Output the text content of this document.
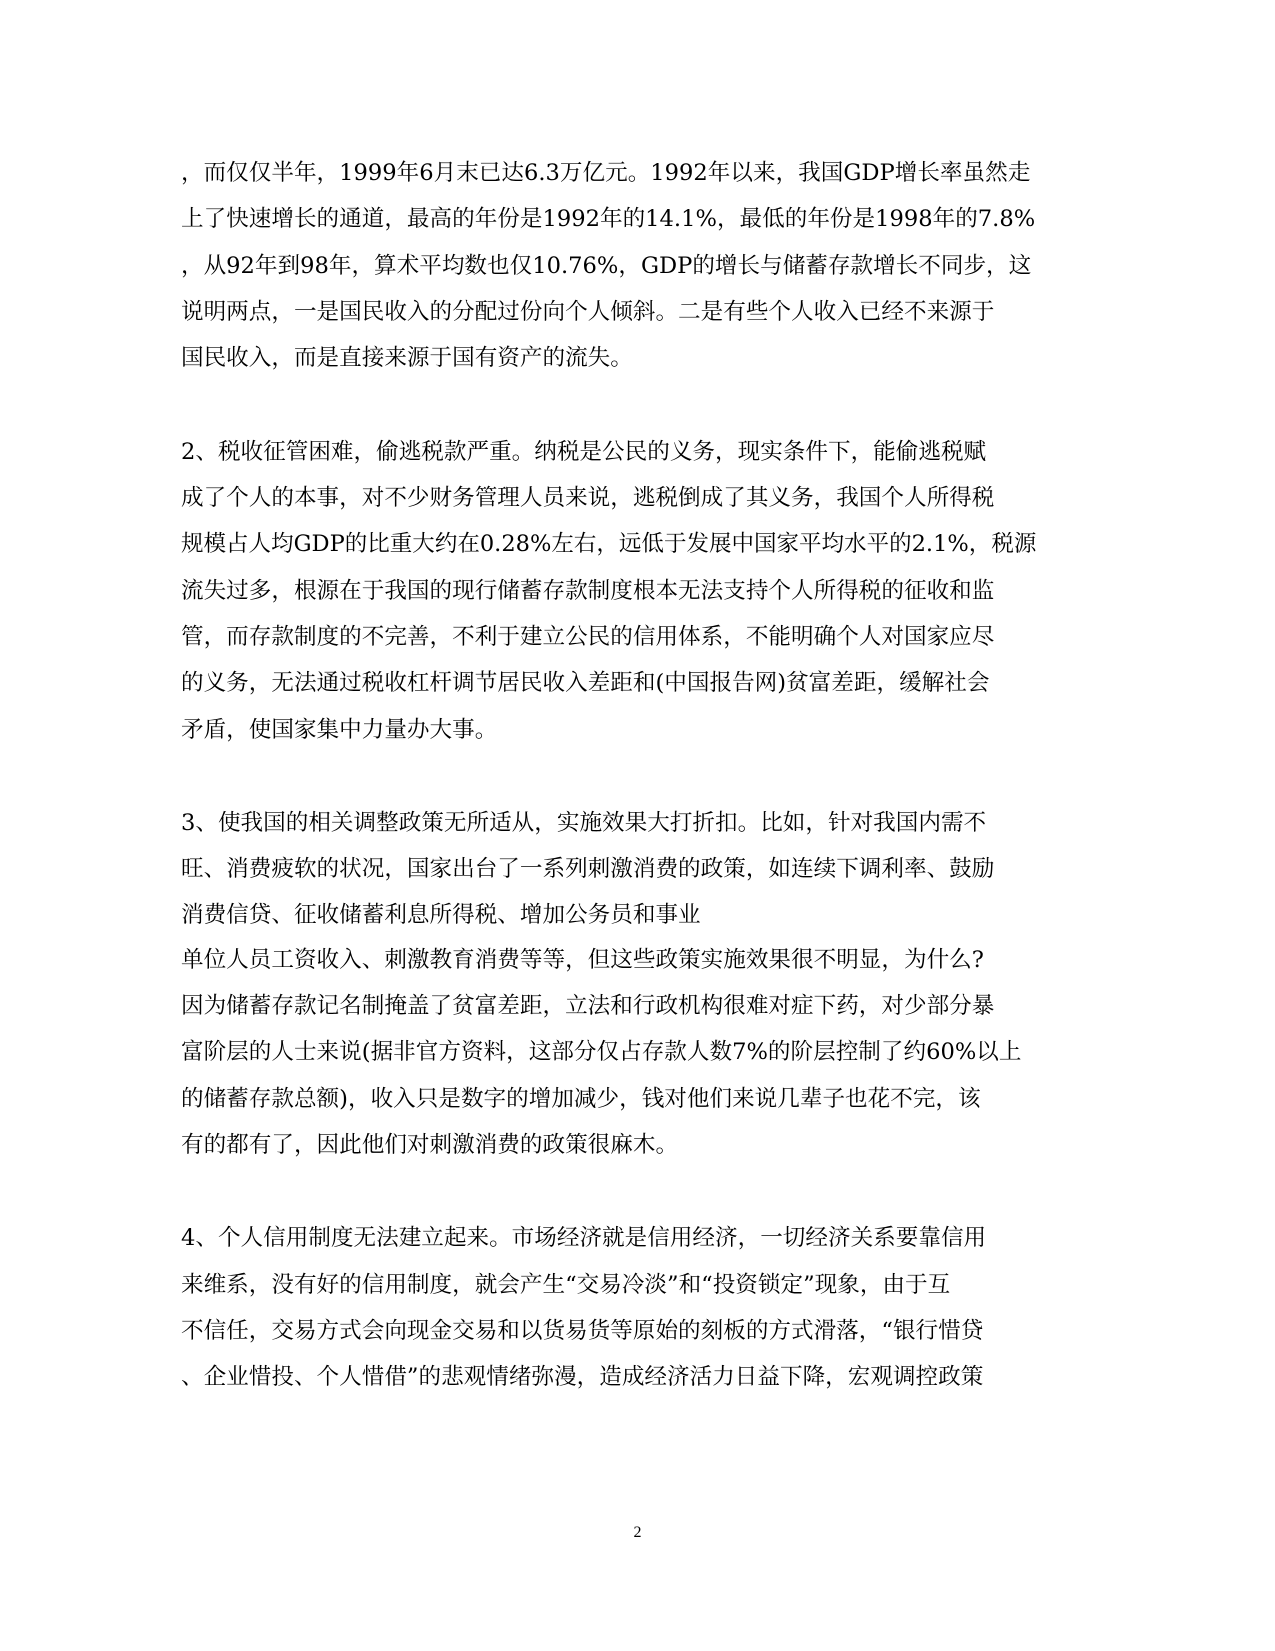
，而仅仅半年，1999年6月末已达6.3万亿元。1992年以来，我国GDP增长率虽然走
上了快速增长的通道，最高的年份是1992年的14.1%，最低的年份是1998年的7.8%
，从92年到98年，算术平均数也仅10.76%，GDP的增长与储蓄存款增长不同步，这
说明两点，一是国民收入的分配过份向个人倾斜。二是有些个人收入已经不来源于
国民收入，而是直接来源于国有资产的流失。
2、税收征管困难，偷逃税款严重。纳税是公民的义务，现实条件下，能偷逃税赋
成了个人的本事，对不少财务管理人员来说，逃税倒成了其义务，我国个人所得税
规模占人均GDP的比重大约在0.28%左右，远低于发展中国家平均水平的2.1%，税源
流失过多，根源在于我国的现行储蓄存款制度根本无法支持个人所得税的征收和监
管，而存款制度的不完善，不利于建立公民的信用体系，不能明确个人对国家应尽
的义务，无法通过税收杠杆调节居民收入差距和(中国报告网)贫富差距，缓解社会
矛盾，使国家集中力量办大事。
3、使我国的相关调整政策无所适从，实施效果大打折扣。比如，针对我国内需不
旺、消费疲软的状况，国家出台了一系列刺激消费的政策，如连续下调利率、鼓励
消费信贷、征收储蓄利息所得税、增加公务员和事业
单位人员工资收入、刺激教育消费等等，但这些政策实施效果很不明显，为什么?
因为储蓄存款记名制掩盖了贫富差距，立法和行政机构很难对症下药，对少部分暴
富阶层的人士来说(据非官方资料，这部分仅占存款人数7%的阶层控制了约60%以上
的储蓄存款总额)，收入只是数字的增加减少，钱对他们来说几辈子也花不完，该
有的都有了，因此他们对刺激消费的政策很麻木。
4、个人信用制度无法建立起来。市场经济就是信用经济，一切经济关系要靠信用
来维系，没有好的信用制度，就会产生“交易冷淡”和“投资锁定”现象，由于互
不信任，交易方式会向现金交易和以货易货等原始的刻板的方式滑落，“银行惜贷
、企业惜投、个人惜借”的悲观情绪弥漫，造成经济活力日益下降，宏观调控政策
2
